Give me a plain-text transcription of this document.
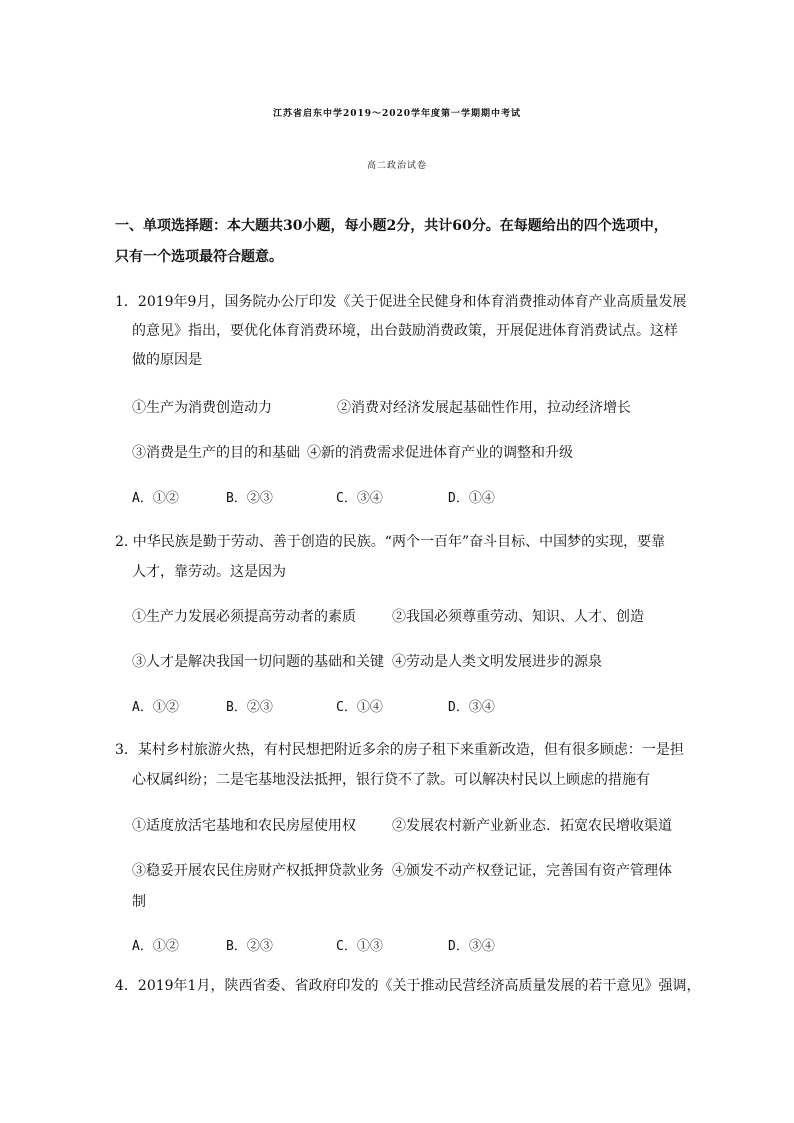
江苏省启东中学2019～2020学年度第一学期期中考试
高二政治试卷
一、单项选择题：本大题共30小题，每小题2分，共计60分。在每题给出的四个选项中，
只有一个选项最符合题意。
1．2019年9月，国务院办公厅印发《关于促进全民健身和体育消费推动体育产业高质量发展
的意见》指出，要优化体育消费环境，出台鼓励消费政策，开展促进体育消费试点。这样
做的原因是
①生产为消费创造动力	②消费对经济发展起基础性作用，拉动经济增长
③消费是生产的目的和基础 ④新的消费需求促进体育产业的调整和升级
A．①②	B．②③	C．③④	D．①④
2. 中华民族是勤于劳动、善于创造的民族。“两个一百年”奋斗目标、中国梦的实现，要靠
人才，靠劳动。这是因为
①生产力发展必须提高劳动者的素质	②我国必须尊重劳动、知识、人才、创造
③人才是解决我国一切问题的基础和关键 ④劳动是人类文明发展进步的源泉
A．①②	B．②③	C．①④	D．③④
3．某村乡村旅游火热，有村民想把附近多余的房子租下来重新改造，但有很多顾虑：一是担
心权属纠纷；二是宅基地没法抵押，银行贷不了款。可以解决村民以上顾虑的措施有
①适度放活宅基地和农民房屋使用权	②发展农村新产业新业态．拓宽农民增收渠道
③稳妥开展农民住房财产权抵押贷款业务 ④颁发不动产权登记证，完善国有资产管理体
制
A．①②	B．②③	C．①③	D．③④
4．2019年1月，陕西省委、省政府印发的《关于推动民营经济高质量发展的若干意见》强调，
